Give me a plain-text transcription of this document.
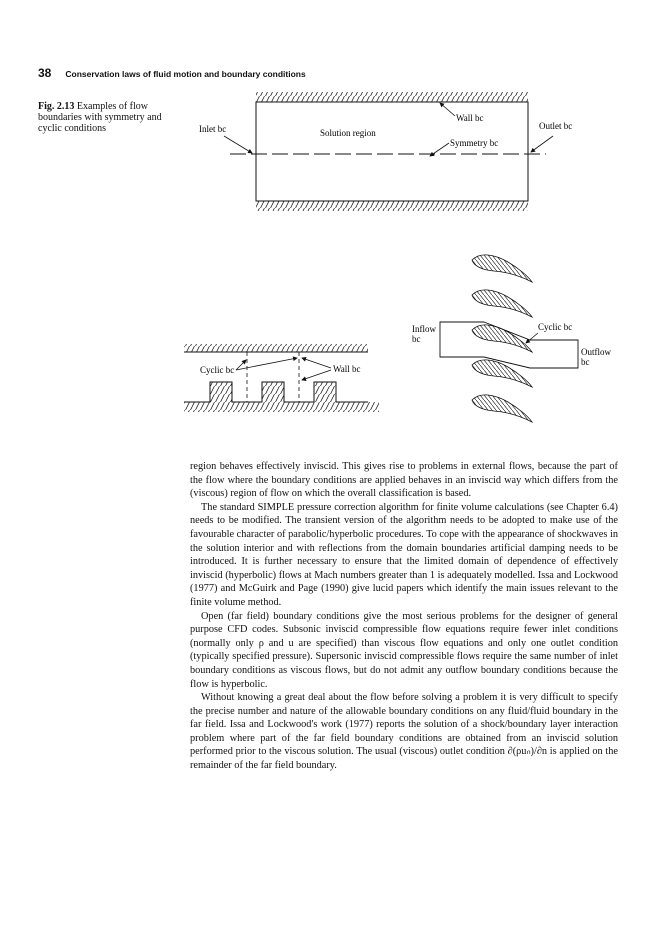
38 Conservation laws of fluid motion and boundary conditions
Fig. 2.13 Examples of flow boundaries with symmetry and cyclic conditions	Inlet bc
Wall bc
Outlet bc
Solution region
Symmetry bc
Cyclic bc	Wall bc
Inflow
bc
Cyclic bc
Outflow
bc

region behaves effectively inviscid. This gives rise to problems in external flows, because the part of the flow where the boundary conditions are applied behaves in an inviscid way which differs from the (viscous) region of flow on which the overall classification is based.

The standard SIMPLE pressure correction algorithm for finite volume calculations (see Chapter 6.4) needs to be modified. The transient version of the algorithm needs to be adopted to make use of the favourable character of parabolic/hyperbolic procedures. To cope with the appearance of shockwaves in the solution interior and with reflections from the domain boundaries artificial damping needs to be introduced. It is further necessary to ensure that the limited domain of dependence of effectively inviscid (hyperbolic) flows at Mach numbers greater than 1 is adequately modelled. Issa and Lockwood (1977) and McGuirk and Page (1990) give lucid papers which identify the main issues relevant to the finite volume method.

Open (far field) boundary conditions give the most serious problems for the designer of general purpose CFD codes. Subsonic inviscid compressible flow equations require fewer inlet conditions (normally only ρ and u are specified) than viscous flow equations and only one outlet condition (typically specified pressure). Supersonic inviscid compressible flows require the same number of inlet boundary conditions as viscous flows, but do not admit any outflow boundary conditions because the flow is hyperbolic.

Without knowing a great deal about the flow before solving a problem it is very difficult to specify the precise number and nature of the allowable boundary conditions on any fluid/fluid boundary in the far field. Issa and Lockwood's work (1977) reports the solution of a shock/boundary layer interaction problem where part of the far field boundary conditions are obtained from an inviscid solution performed prior to the viscous solution. The usual (viscous) outlet condition ∂(ρuₙ)/∂n is applied on the remainder of the far field boundary.
